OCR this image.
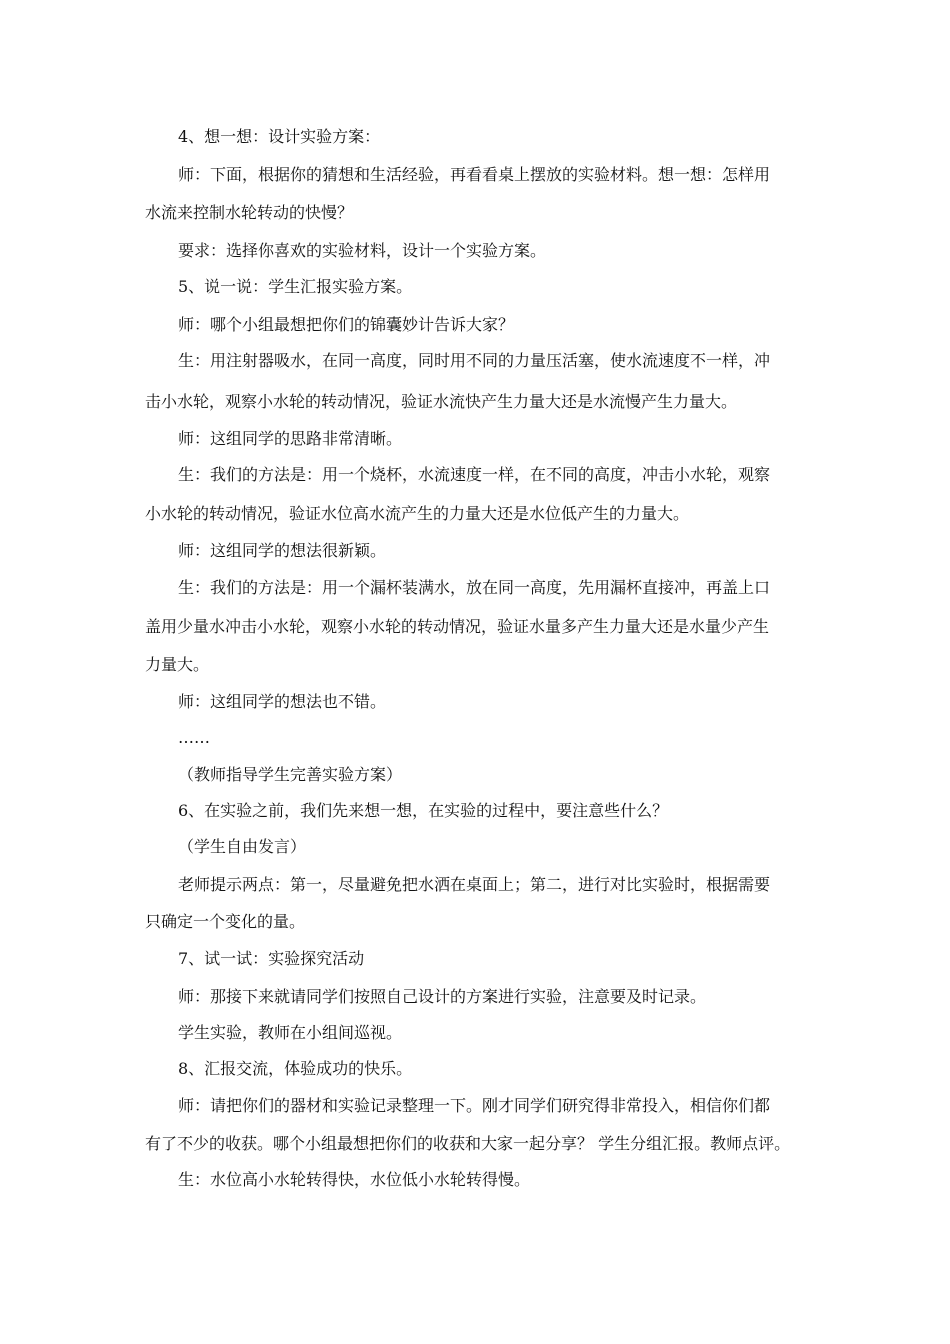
4、想一想：设计实验方案：
师：下面，根据你的猜想和生活经验，再看看桌上摆放的实验材料。想一想：怎样用
水流来控制水轮转动的快慢？
要求：选择你喜欢的实验材料，设计一个实验方案。
5、说一说：学生汇报实验方案。
师：哪个小组最想把你们的锦囊妙计告诉大家？
生：用注射器吸水，在同一高度，同时用不同的力量压活塞，使水流速度不一样，冲
击小水轮，观察小水轮的转动情况，验证水流快产生力量大还是水流慢产生力量大。
师：这组同学的思路非常清晰。
生：我们的方法是：用一个烧杯，水流速度一样，在不同的高度，冲击小水轮，观察
小水轮的转动情况，验证水位高水流产生的力量大还是水位低产生的力量大。
师：这组同学的想法很新颖。
生：我们的方法是：用一个漏杯装满水，放在同一高度，先用漏杯直接冲，再盖上口
盖用少量水冲击小水轮，观察小水轮的转动情况，验证水量多产生力量大还是水量少产生
力量大。
师：这组同学的想法也不错。
……
（教师指导学生完善实验方案）
6、在实验之前，我们先来想一想，在实验的过程中，要注意些什么？
（学生自由发言）
老师提示两点：第一，尽量避免把水洒在桌面上；第二，进行对比实验时，根据需要
只确定一个变化的量。
7、试一试：实验探究活动
师：那接下来就请同学们按照自己设计的方案进行实验，注意要及时记录。
学生实验，教师在小组间巡视。
8、汇报交流，体验成功的快乐。
师：请把你们的器材和实验记录整理一下。刚才同学们研究得非常投入，相信你们都
有了不少的收获。哪个小组最想把你们的收获和大家一起分享？ 学生分组汇报。教师点评。
生：水位高小水轮转得快，水位低小水轮转得慢。
